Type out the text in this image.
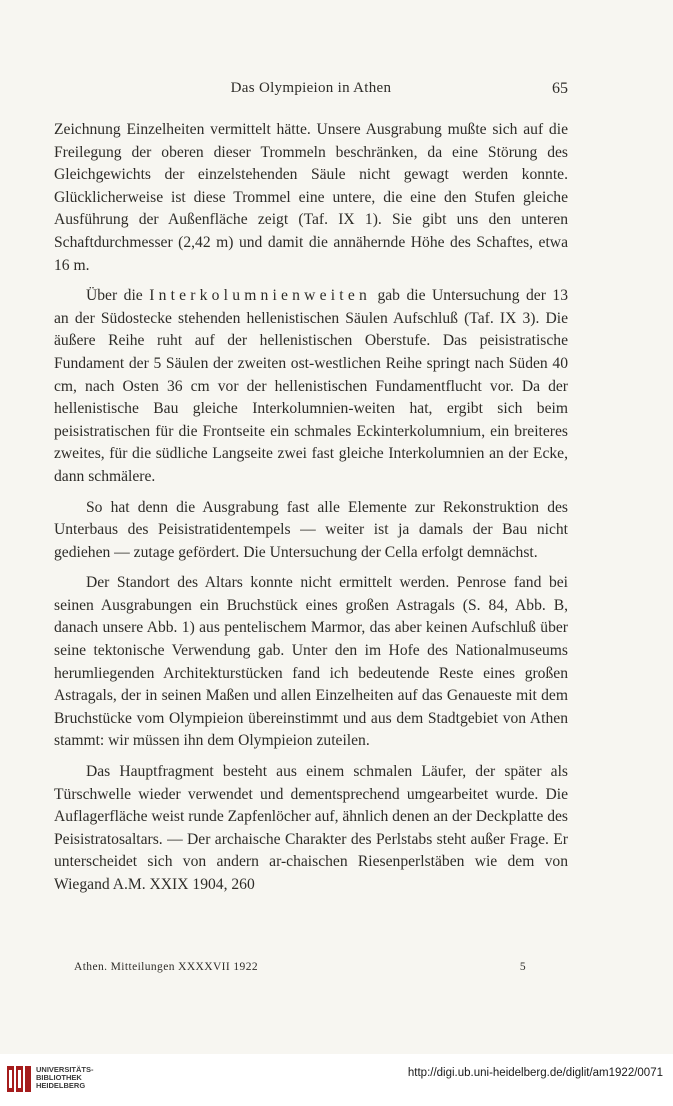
Das Olympieion in Athen	65

Zeichnung Einzelheiten vermittelt hätte. Unsere Ausgrabung mußte sich auf die Freilegung der oberen dieser Trommeln beschränken, da eine Störung des Gleichgewichts der einzelstehenden Säule nicht gewagt werden konnte. Glücklicherweise ist diese Trommel eine untere, die eine den Stufen gleiche Ausführung der Außenfläche zeigt (Taf. IX 1). Sie gibt uns den unteren Schaftdurchmesser (2,42 m) und damit die annähernde Höhe des Schaftes, etwa 16 m.

Über die Interkolumnienweiten gab die Untersuchung der 13 an der Südostecke stehenden hellenistischen Säulen Aufschluß (Taf. IX 3). Die äußere Reihe ruht auf der hellenistischen Oberstufe. Das peisistratische Fundament der 5 Säulen der zweiten ost-westlichen Reihe springt nach Süden 40 cm, nach Osten 36 cm vor der hellenistischen Fundamentflucht vor. Da der hellenistische Bau gleiche Interkolumnien-weiten hat, ergibt sich beim peisistratischen für die Frontseite ein schmales Eckinterkolumnium, ein breiteres zweites, für die südliche Langseite zwei fast gleiche Interkolumnien an der Ecke, dann schmälere.

So hat denn die Ausgrabung fast alle Elemente zur Rekonstruktion des Unterbaus des Peisistratidentempels — weiter ist ja damals der Bau nicht gediehen — zutage gefördert. Die Untersuchung der Cella erfolgt demnächst.

Der Standort des Altars konnte nicht ermittelt werden. Penrose fand bei seinen Ausgrabungen ein Bruchstück eines großen Astragals (S. 84, Abb. B, danach unsere Abb. 1) aus pentelischem Marmor, das aber keinen Aufschluß über seine tektonische Verwendung gab. Unter den im Hofe des Nationalmuseums herumliegenden Architekturstücken fand ich bedeutende Reste eines großen Astragals, der in seinen Maßen und allen Einzelheiten auf das Genaueste mit dem Bruchstücke vom Olympieion übereinstimmt und aus dem Stadtgebiet von Athen stammt: wir müssen ihn dem Olympieion zuteilen.

Das Hauptfragment besteht aus einem schmalen Läufer, der später als Türschwelle wieder verwendet und dementsprechend umgearbeitet wurde. Die Auflagerfläche weist runde Zapfenlöcher auf, ähnlich denen an der Deckplatte des Peisistratosaltars. — Der archaische Charakter des Perlstabs steht außer Frage. Er unterscheidet sich von andern ar-chaischen Riesenperlstäben wie dem von Wiegand A.M. XXIX 1904, 260

Athen. Mitteilungen XXXXVII 1922	5
UNIVERSITÄTS-
BIBLIOTHEK
HEIDELBERG
http://digi.ub.uni-heidelberg.de/diglit/am1922/0071
